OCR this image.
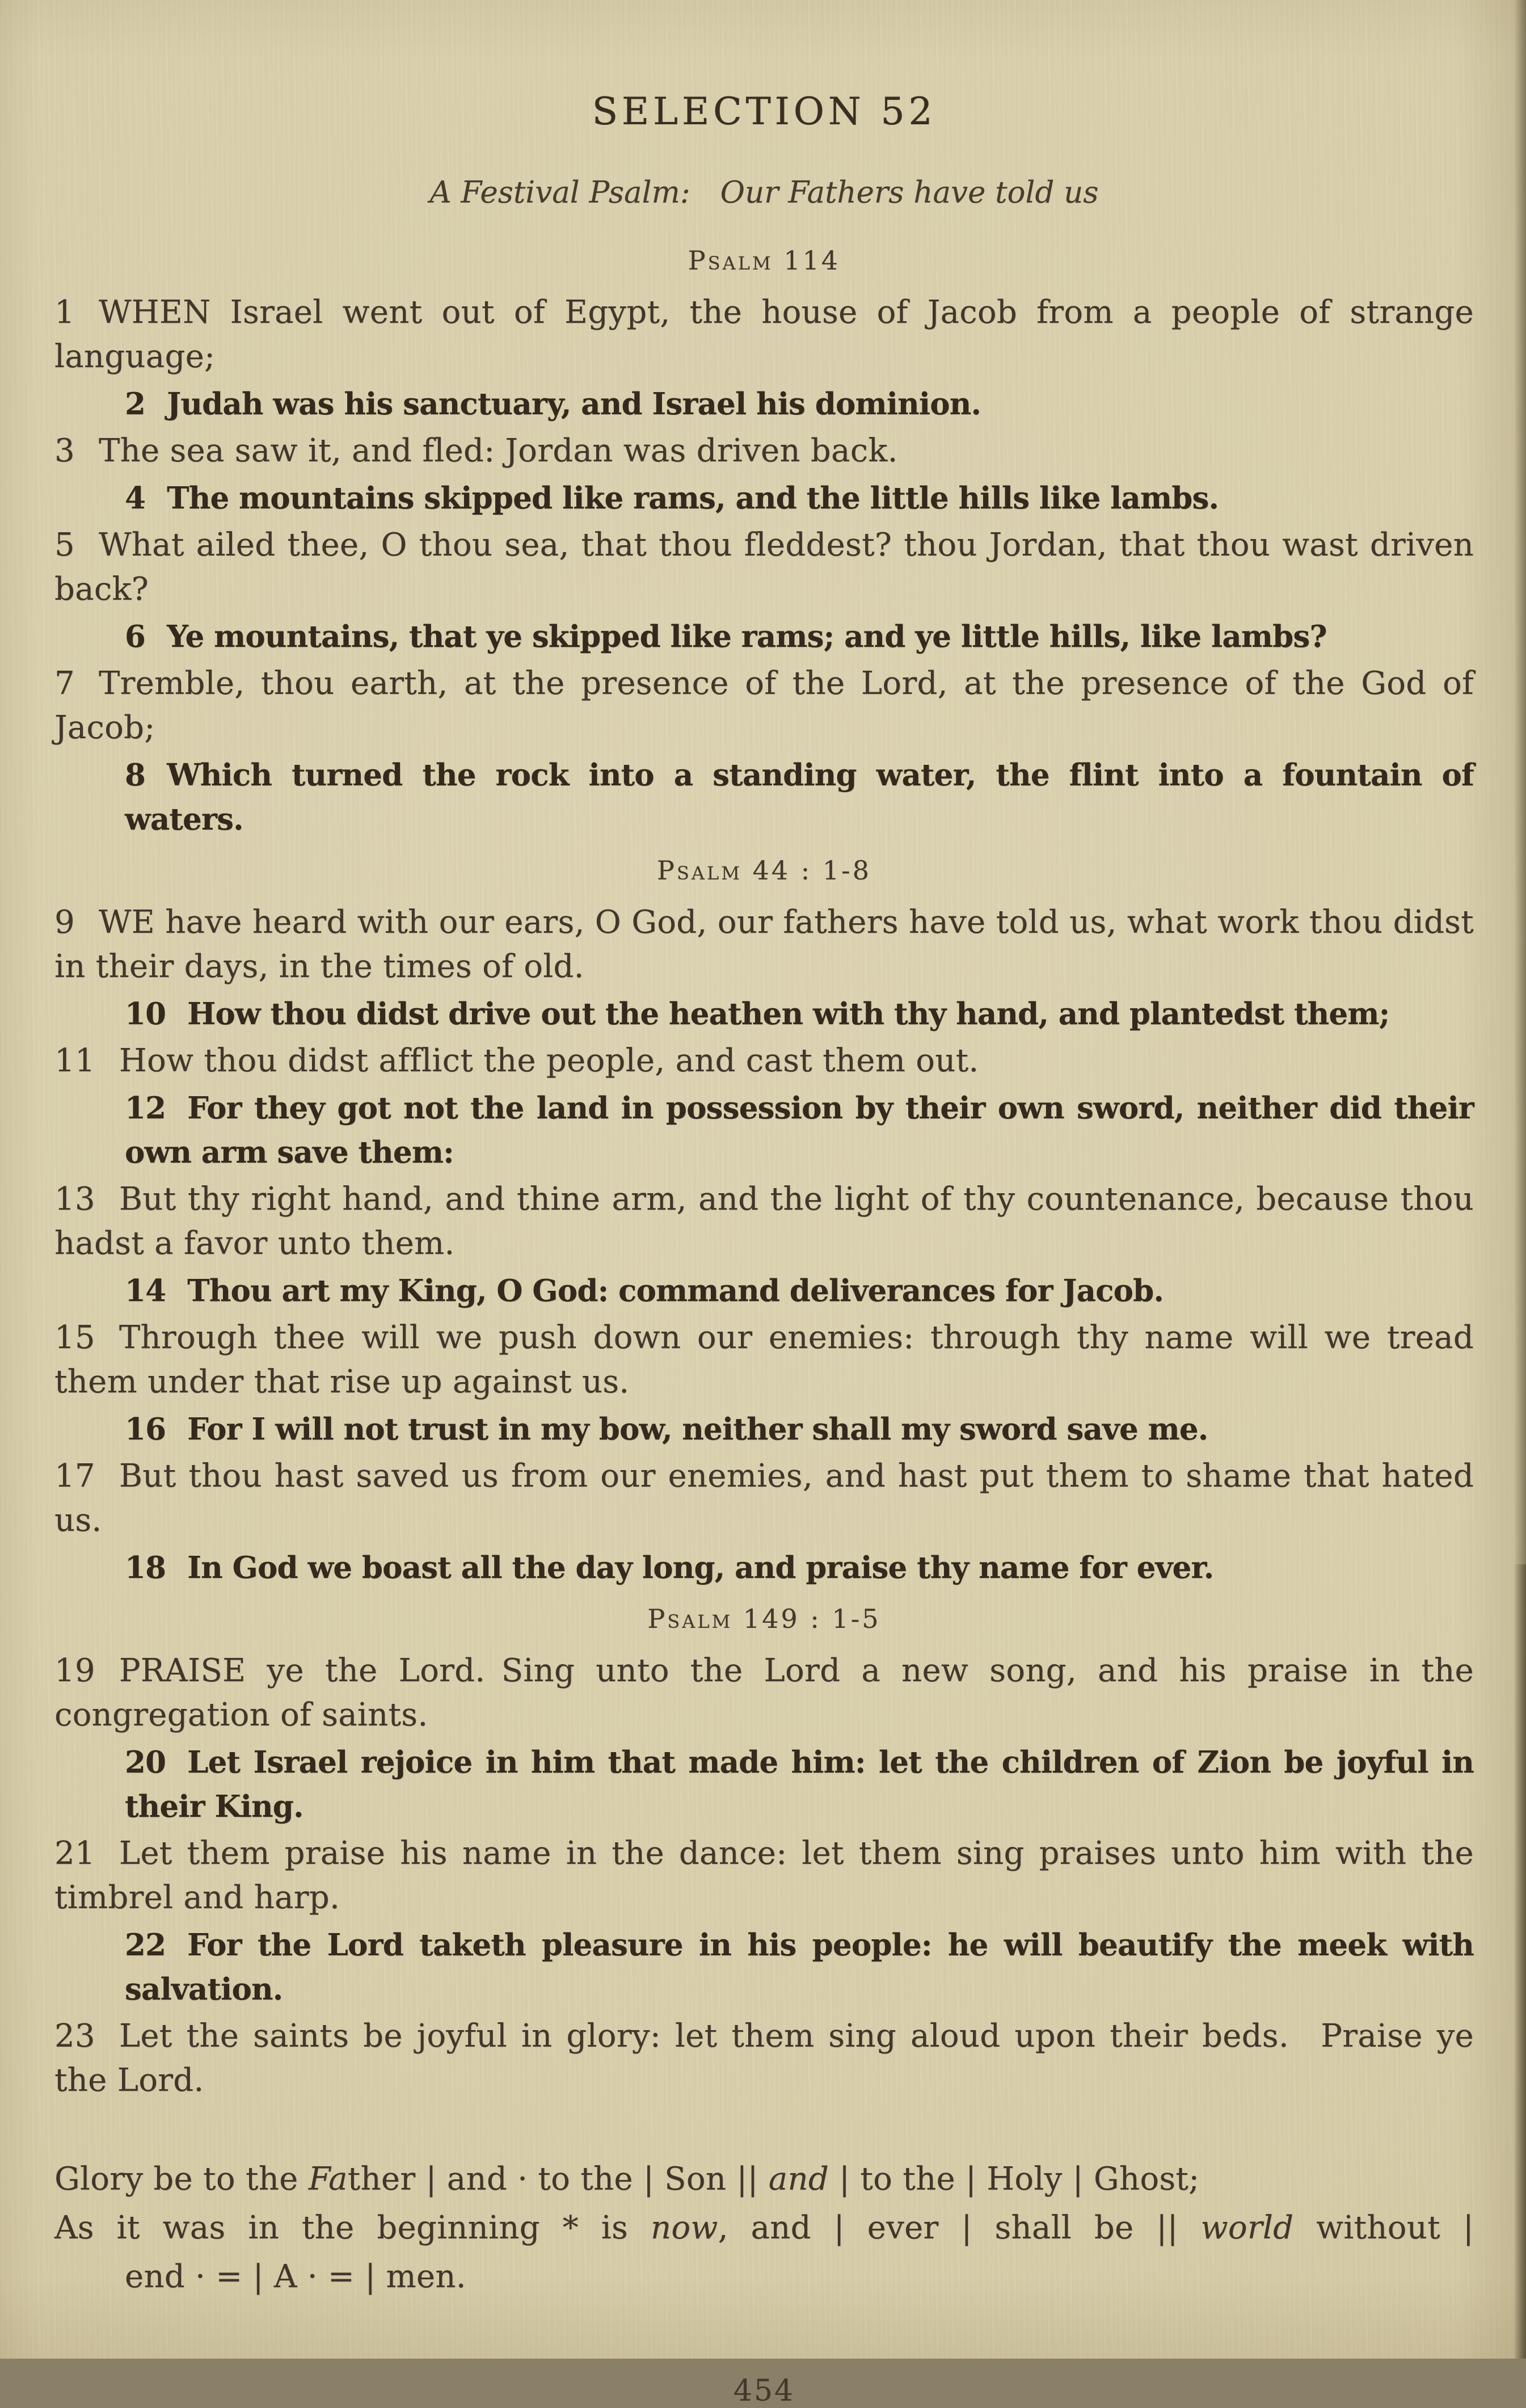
SELECTION 52
A Festival Psalm: Our Fathers have told us
Psalm 114

1 WHEN Israel went out of Egypt, the house of Jacob from a people of strange language;

2 Judah was his sanctuary, and Israel his dominion.

3 The sea saw it, and fled: Jordan was driven back.

4 The mountains skipped like rams, and the little hills like lambs.

5 What ailed thee, O thou sea, that thou fleddest? thou Jordan, that thou wast driven back?

6 Ye mountains, that ye skipped like rams; and ye little hills, like lambs?

7 Tremble, thou earth, at the presence of the Lord, at the presence of the God of Jacob;

8 Which turned the rock into a standing water, the flint into a fountain of waters.

Psalm 44 : 1-8

9 WE have heard with our ears, O God, our fathers have told us, what work thou didst in their days, in the times of old.

10 How thou didst drive out the heathen with thy hand, and plantedst them;

11 How thou didst afflict the people, and cast them out.

12 For they got not the land in possession by their own sword, neither did their own arm save them:

13 But thy right hand, and thine arm, and the light of thy countenance, because thou hadst a favor unto them.

14 Thou art my King, O God: command deliverances for Jacob.

15 Through thee will we push down our enemies: through thy name will we tread them under that rise up against us.

16 For I will not trust in my bow, neither shall my sword save me.

17 But thou hast saved us from our enemies, and hast put them to shame that hated us.

18 In God we boast all the day long, and praise thy name for ever.

Psalm 149 : 1-5

19 PRAISE ye the Lord. Sing unto the Lord a new song, and his praise in the congregation of saints.

20 Let Israel rejoice in him that made him: let the children of Zion be joyful in their King.

21 Let them praise his name in the dance: let them sing praises unto him with the timbrel and harp.

22 For the Lord taketh pleasure in his people: he will beautify the meek with salvation.

23 Let the saints be joyful in glory: let them sing aloud upon their beds. Praise ye the Lord.

Glory be to the Father | and · to the | Son || and | to the | Holy | Ghost;
As it was in the beginning * is now, and | ever | shall be || world without |
end · = | A · = | men.
454
